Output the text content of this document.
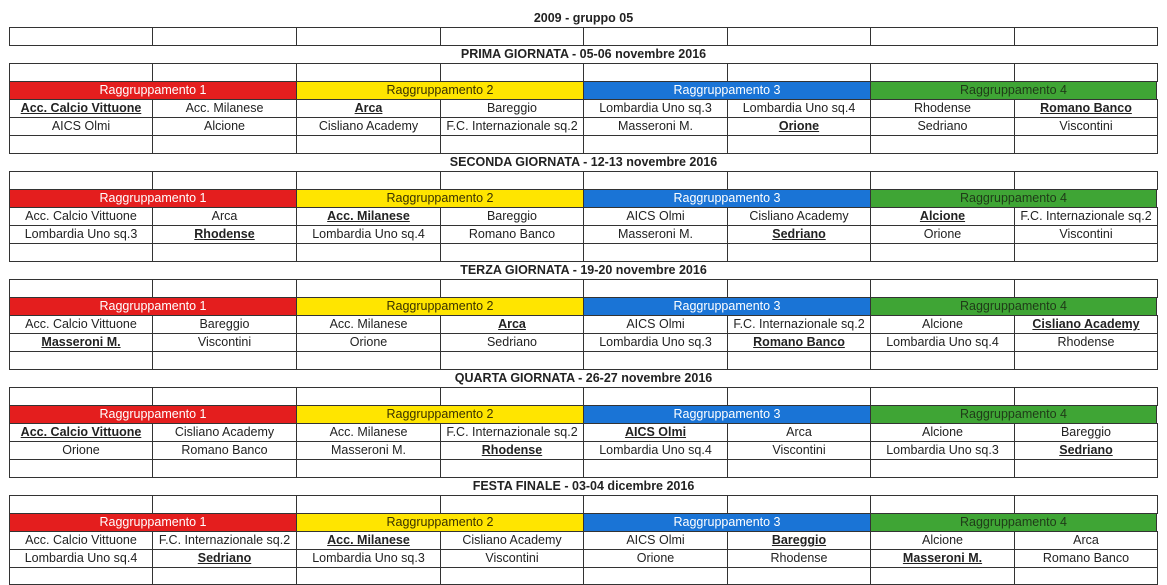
2009 - gruppo 05
PRIMA GIORNATA - 05-06 novembre 2016
Raggruppamento 1	Raggruppamento 2	Raggruppamento 3	Raggruppamento 4
Acc. Calcio Vittuone	Acc. Milanese	Arca	Bareggio	Lombardia Uno sq.3	Lombardia Uno sq.4	Rhodense	Romano Banco
AICS Olmi	Alcione	Cisliano Academy	F.C. Internazionale sq.2	Masseroni M.	Orione	Sedriano	Viscontini
SECONDA GIORNATA - 12-13 novembre 2016
Raggruppamento 1	Raggruppamento 2	Raggruppamento 3	Raggruppamento 4
Acc. Calcio Vittuone	Arca	Acc. Milanese	Bareggio	AICS Olmi	Cisliano Academy	Alcione	F.C. Internazionale sq.2
Lombardia Uno sq.3	Rhodense	Lombardia Uno sq.4	Romano Banco	Masseroni M.	Sedriano	Orione	Viscontini
TERZA GIORNATA - 19-20 novembre 2016
Raggruppamento 1	Raggruppamento 2	Raggruppamento 3	Raggruppamento 4
Acc. Calcio Vittuone	Bareggio	Acc. Milanese	Arca	AICS Olmi	F.C. Internazionale sq.2	Alcione	Cisliano Academy
Masseroni M.	Viscontini	Orione	Sedriano	Lombardia Uno sq.3	Romano Banco	Lombardia Uno sq.4	Rhodense
QUARTA GIORNATA - 26-27 novembre 2016
Raggruppamento 1	Raggruppamento 2	Raggruppamento 3	Raggruppamento 4
Acc. Calcio Vittuone	Cisliano Academy	Acc. Milanese	F.C. Internazionale sq.2	AICS Olmi	Arca	Alcione	Bareggio
Orione	Romano Banco	Masseroni M.	Rhodense	Lombardia Uno sq.4	Viscontini	Lombardia Uno sq.3	Sedriano
FESTA FINALE - 03-04 dicembre 2016
Raggruppamento 1	Raggruppamento 2	Raggruppamento 3	Raggruppamento 4
Acc. Calcio Vittuone	F.C. Internazionale sq.2	Acc. Milanese	Cisliano Academy	AICS Olmi	Bareggio	Alcione	Arca
Lombardia Uno sq.4	Sedriano	Lombardia Uno sq.3	Viscontini	Orione	Rhodense	Masseroni M.	Romano Banco
